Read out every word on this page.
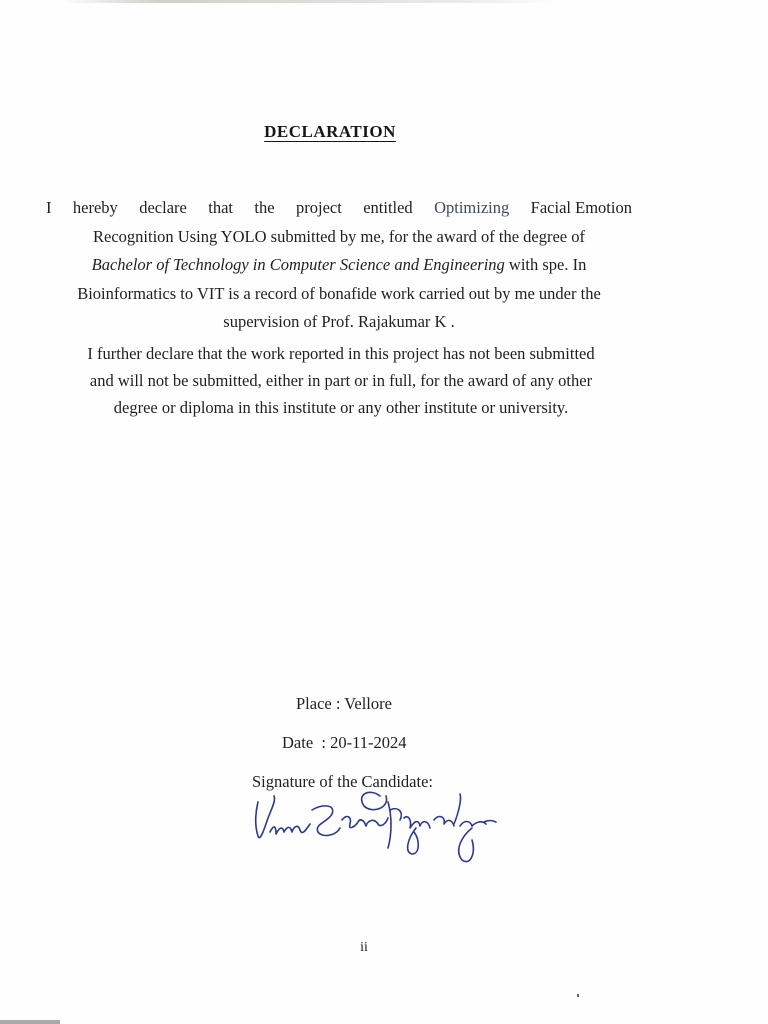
DECLARATION
I hereby declare that the project entitled Optimizing Facial Emotion
Recognition Using YOLO submitted by me, for the award of the degree of
Bachelor of Technology in Computer Science and Engineering with spe. In
Bioinformatics to VIT is a record of bonafide work carried out by me under the
supervision of Prof. Rajakumar K .
I further declare that the work reported in this project has not been submitted
and will not be submitted, either in part or in full, for the award of any other
degree or diploma in this institute or any other institute or university.
Place : Vellore
Date  : 20-11-2024
Signature of the Candidate:
ii
